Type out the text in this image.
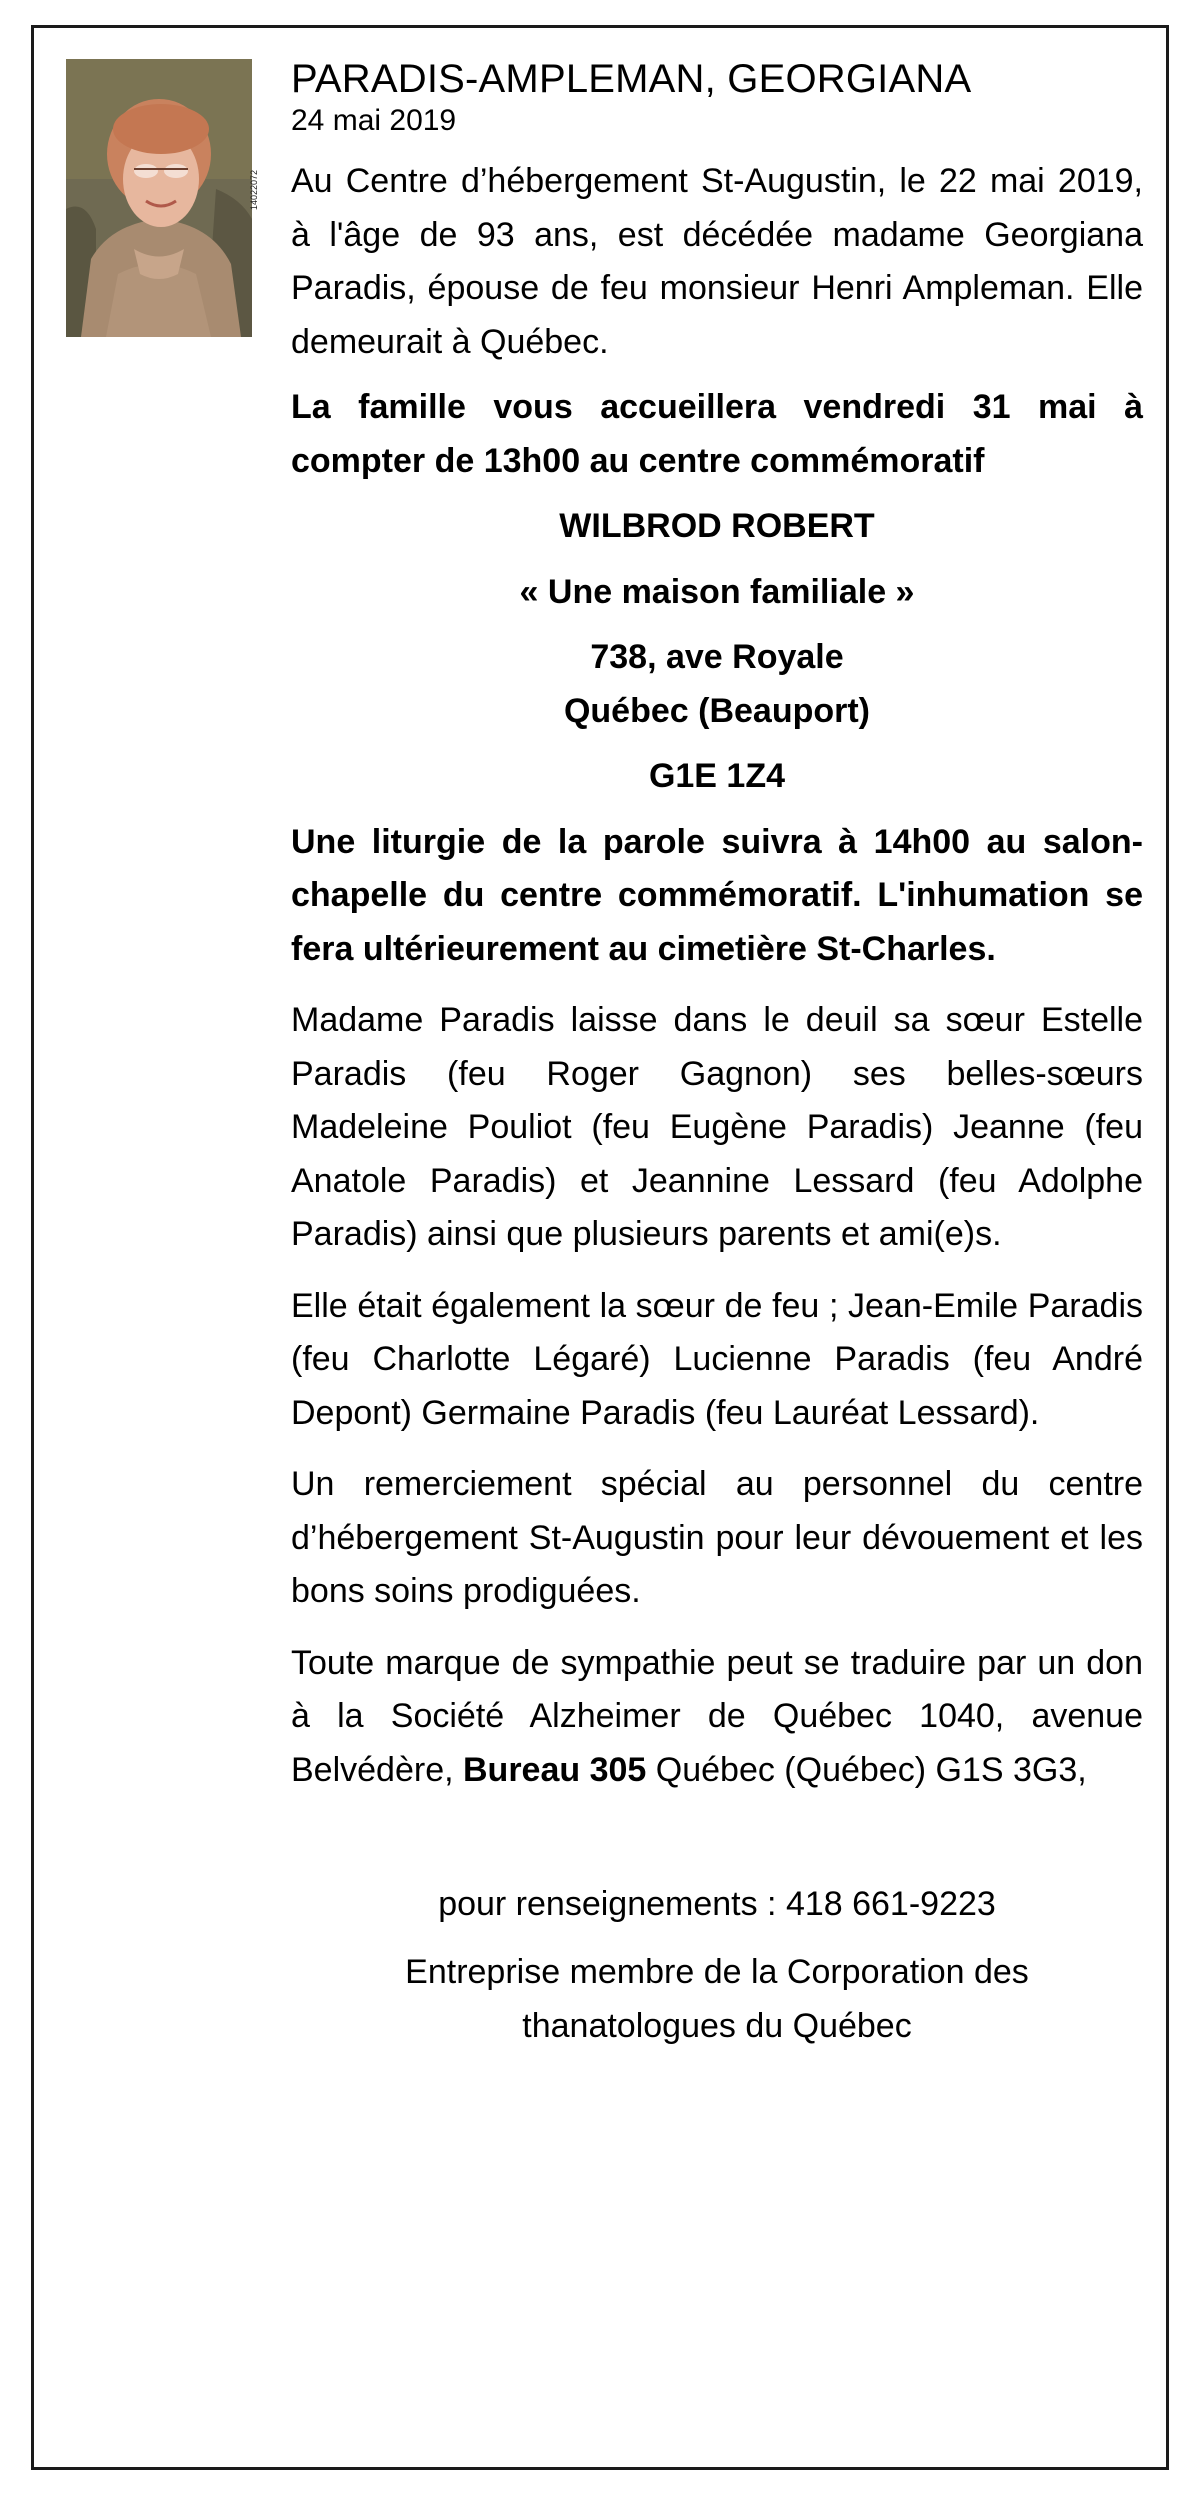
14022072
PARADIS-AMPLEMAN, GEORGIANA
24 mai 2019

Au Centre d’hébergement St-Augustin, le 22 mai 2019, à l'âge de 93 ans, est décédée madame Georgiana Paradis, épouse de feu monsieur Henri Ampleman. Elle demeurait à Québec.

La famille vous accueillera vendredi 31 mai à compter de 13h00 au centre commémoratif

WILBROD ROBERT

« Une maison familiale »

738, ave Royale

Québec (Beauport)

G1E 1Z4

Une liturgie de la parole suivra à 14h00 au salon-chapelle du centre commémoratif. L'inhumation se fera ultérieurement au cimetière St-Charles.

Madame Paradis laisse dans le deuil sa sœur Estelle Paradis (feu Roger Gagnon) ses belles-sœurs Madeleine Pouliot (feu Eugène Paradis) Jeanne (feu Anatole Paradis) et Jeannine Lessard (feu Adolphe Paradis) ainsi que plusieurs parents et ami(e)s.

Elle était également la sœur de feu ; Jean-Emile Paradis (feu Charlotte Légaré) Lucienne Paradis (feu André Depont) Germaine Paradis (feu Lauréat Lessard).

Un remerciement spécial au personnel du centre d’hébergement St-Augustin pour leur dévouement et les bons soins prodiguées.

Toute marque de sympathie peut se traduire par un don à la Société Alzheimer de Québec 1040, avenue Belvédère, Bureau 305 Québec (Québec) G1S 3G3,

pour renseignements : 418 661-9223
Entreprise membre de la Corporation des thanatologues du Québec
